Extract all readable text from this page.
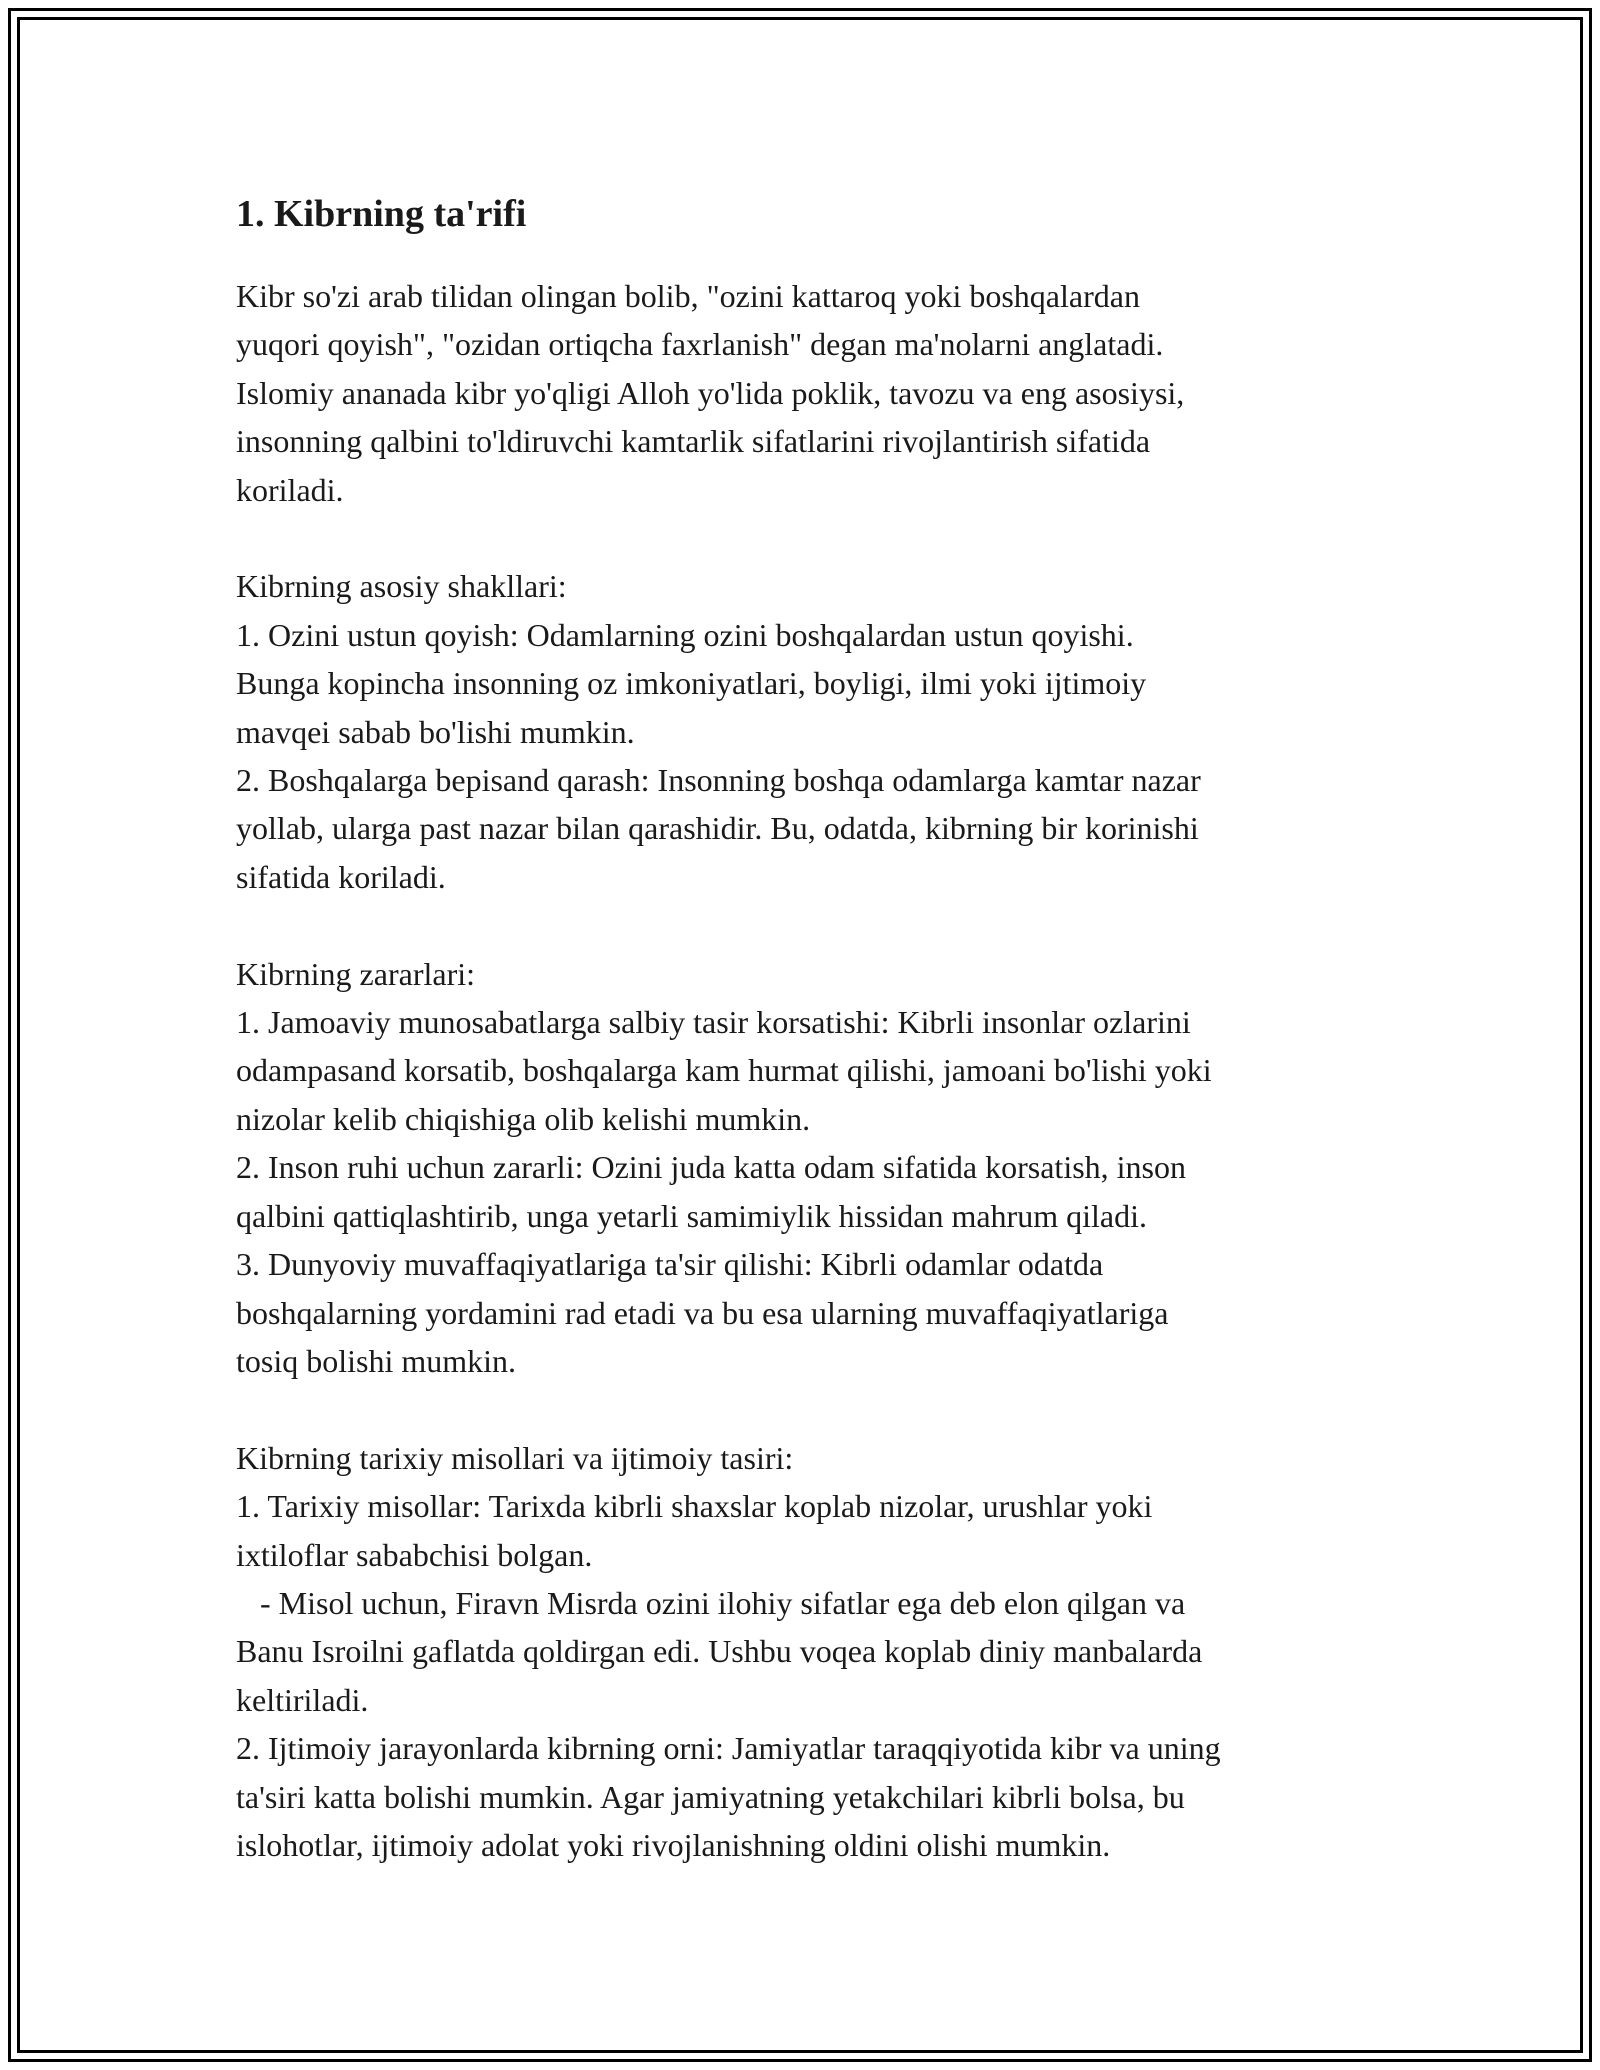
1. Kibrning ta'rifi
Kibr so'zi arab tilidan olingan bolib, "ozini kattaroq yoki boshqalardan
yuqori qoyish", "ozidan ortiqcha faxrlanish" degan ma'nolarni anglatadi.
Islomiy ananada kibr yo'qligi Alloh yo'lida poklik, tavozu va eng asosiysi,
insonning qalbini to'ldiruvchi kamtarlik sifatlarini rivojlantirish sifatida
koriladi.
Kibrning asosiy shakllari:
1. Ozini ustun qoyish: Odamlarning ozini boshqalardan ustun qoyishi.
Bunga kopincha insonning oz imkoniyatlari, boyligi, ilmi yoki ijtimoiy
mavqei sabab bo'lishi mumkin.
2. Boshqalarga bepisand qarash: Insonning boshqa odamlarga kamtar nazar
yollab, ularga past nazar bilan qarashidir. Bu, odatda, kibrning bir korinishi
sifatida koriladi.
Kibrning zararlari:
1. Jamoaviy munosabatlarga salbiy tasir korsatishi: Kibrli insonlar ozlarini
odampasand korsatib, boshqalarga kam hurmat qilishi, jamoani bo'lishi yoki
nizolar kelib chiqishiga olib kelishi mumkin.
2. Inson ruhi uchun zararli: Ozini juda katta odam sifatida korsatish, inson
qalbini qattiqlashtirib, unga yetarli samimiylik hissidan mahrum qiladi.
3. Dunyoviy muvaffaqiyatlariga ta'sir qilishi: Kibrli odamlar odatda
boshqalarning yordamini rad etadi va bu esa ularning muvaffaqiyatlariga
tosiq bolishi mumkin.
Kibrning tarixiy misollari va ijtimoiy tasiri:
1. Tarixiy misollar: Tarixda kibrli shaxslar koplab nizolar, urushlar yoki
ixtiloflar sababchisi bolgan.
- Misol uchun, Firavn Misrda ozini ilohiy sifatlar ega deb elon qilgan va
Banu Isroilni gaflatda qoldirgan edi. Ushbu voqea koplab diniy manbalarda
keltiriladi.
2. Ijtimoiy jarayonlarda kibrning orni: Jamiyatlar taraqqiyotida kibr va uning
ta'siri katta bolishi mumkin. Agar jamiyatning yetakchilari kibrli bolsa, bu
islohotlar, ijtimoiy adolat yoki rivojlanishning oldini olishi mumkin.
